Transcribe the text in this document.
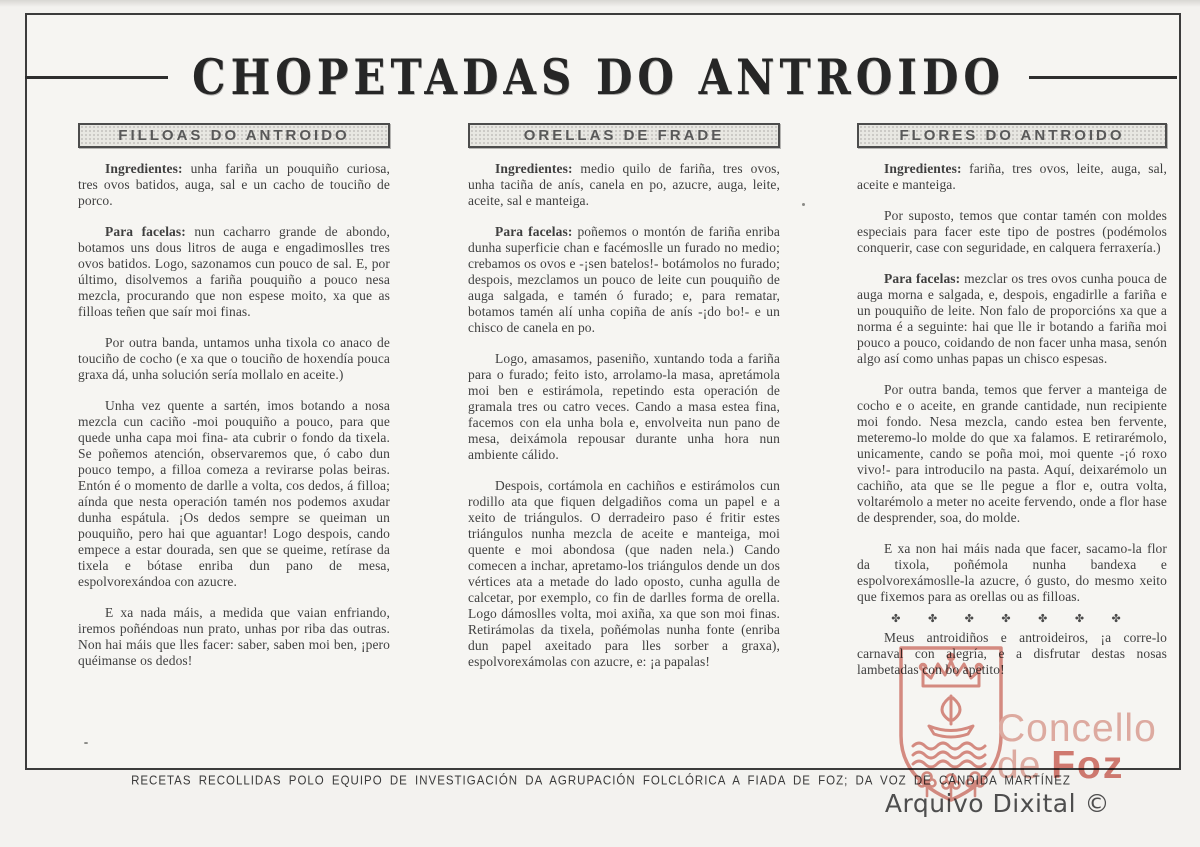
CHOPETADAS DO ANTROIDO
FILLOAS DO ANTROIDO

Ingredientes: unha fariña un pouquiño curiosa, tres ovos batidos, auga, sal e un cacho de touciño de porco.

Para facelas: nun cacharro grande de abondo, botamos uns dous litros de auga e engadimoslles tres ovos batidos. Logo, sazonamos cun pouco de sal. E, por último, disolvemos a fariña pouquiño a pouco nesa mezcla, procurando que non espese moito, xa que as filloas teñen que saír moi finas.

Por outra banda, untamos unha tixola co anaco de touciño de cocho (e xa que o touciño de hoxendía pouca graxa dá, unha solución sería mollalo en aceite.)

Unha vez quente a sartén, imos botando a nosa mezcla cun caciño -moi pouquiño a pouco, para que quede unha capa moi fina- ata cubrir o fondo da tixela. Se poñemos atención, observaremos que, ó cabo dun pouco tempo, a filloa comeza a revirarse polas beiras. Entón é o momento de darlle a volta, cos dedos, á filloa; aínda que nesta operación tamén nos podemos axudar dunha espátula. ¡Os dedos sempre se queiman un pouquiño, pero hai que aguantar! Logo despois, cando empece a estar dourada, sen que se queime, retírase da tixela e bótase enriba dun pano de mesa, espolvorexándoa con azucre.

E xa nada máis, a medida que vaian enfriando, iremos poñéndoas nun prato, unhas por riba das outras. Non hai máis que lles facer: saber, saben moi ben, ¡pero quéimanse os dedos!

ORELLAS DE FRADE

Ingredientes: medio quilo de fariña, tres ovos, unha taciña de anís, canela en po, azucre, auga, leite, aceite, sal e manteiga.

Para facelas: poñemos o montón de fariña enriba dunha superficie chan e facémoslle un furado no medio; crebamos os ovos e -¡sen batelos!- botámolos no furado; despois, mezclamos un pouco de leite cun pouquiño de auga salgada, e tamén ó furado; e, para rematar, botamos tamén alí unha copiña de anís -¡do bo!- e un chisco de canela en po.

Logo, amasamos, paseniño, xuntando toda a fariña para o furado; feito isto, arrolamo-la masa, apretámola moi ben e estirámola, repetindo esta operación de gramala tres ou catro veces. Cando a masa estea fina, facemos con ela unha bola e, envolveita nun pano de mesa, deixámola repousar durante unha hora nun ambiente cálido.

Despois, cortámola en cachiños e estirámolos cun rodillo ata que fiquen delgadiños coma un papel e a xeito de triángulos. O derradeiro paso é fritir estes triángulos nunha mezcla de aceite e manteiga, moi quente e moi abondosa (que naden nela.) Cando comecen a inchar, apretamo-los triángulos dende un dos vértices ata a metade do lado oposto, cunha agulla de calcetar, por exemplo, co fin de darlles forma de orella. Logo dámoslles volta, moi axiña, xa que son moi finas. Retirámolas da tixela, poñémolas nunha fonte (enriba dun papel axeitado para lles sorber a graxa), espolvorexámolas con azucre, e: ¡a papalas!

FLORES DO ANTROIDO

Ingredientes: fariña, tres ovos, leite, auga, sal, aceite e manteiga.

Por suposto, temos que contar tamén con moldes especiais para facer este tipo de postres (podémolos conquerir, case con seguridade, en calquera ferraxería.)

Para facelas: mezclar os tres ovos cunha pouca de auga morna e salgada, e, despois, engadirlle a fariña e un pouquiño de leite. Non falo de proporcións xa que a norma é a seguinte: hai que lle ir botando a fariña moi pouco a pouco, coidando de non facer unha masa, senón algo así como unhas papas un chisco espesas.

Por outra banda, temos que ferver a manteiga de cocho e o aceite, en grande cantidade, nun recipiente moi fondo. Nesa mezcla, cando estea ben fervente, meteremo-lo molde do que xa falamos. E retirarémolo, unicamente, cando se poña moi, moi quente -¡ó roxo vivo!- para introducilo na pasta. Aquí, deixarémolo un cachiño, ata que se lle pegue a flor e, outra volta, voltarémolo a meter no aceite fervendo, onde a flor hase de desprender, soa, do molde.

E xa non hai máis nada que facer, sacamo-la flor da tixola, poñémola nunha bandexa e espolvorexámoslle-la azucre, ó gusto, do mesmo xeito que fixemos para as orellas ou as filloas.

✤ ✤ ✤ ✤ ✤ ✤ ✤

Meus antroidiños e antroideiros, ¡a corre-lo carnaval con alegría, e a disfrutar destas nosas lambetadas con bo apetito!

Concello
de Foz
RECETAS RECOLLIDAS POLO EQUIPO DE INVESTIGACIÓN DA AGRUPACIÓN FOLCLÓRICA A FIADA DE FOZ; DA VOZ DE CÁNDIDA MARTÍNEZ
Arquivo Dixital ©
